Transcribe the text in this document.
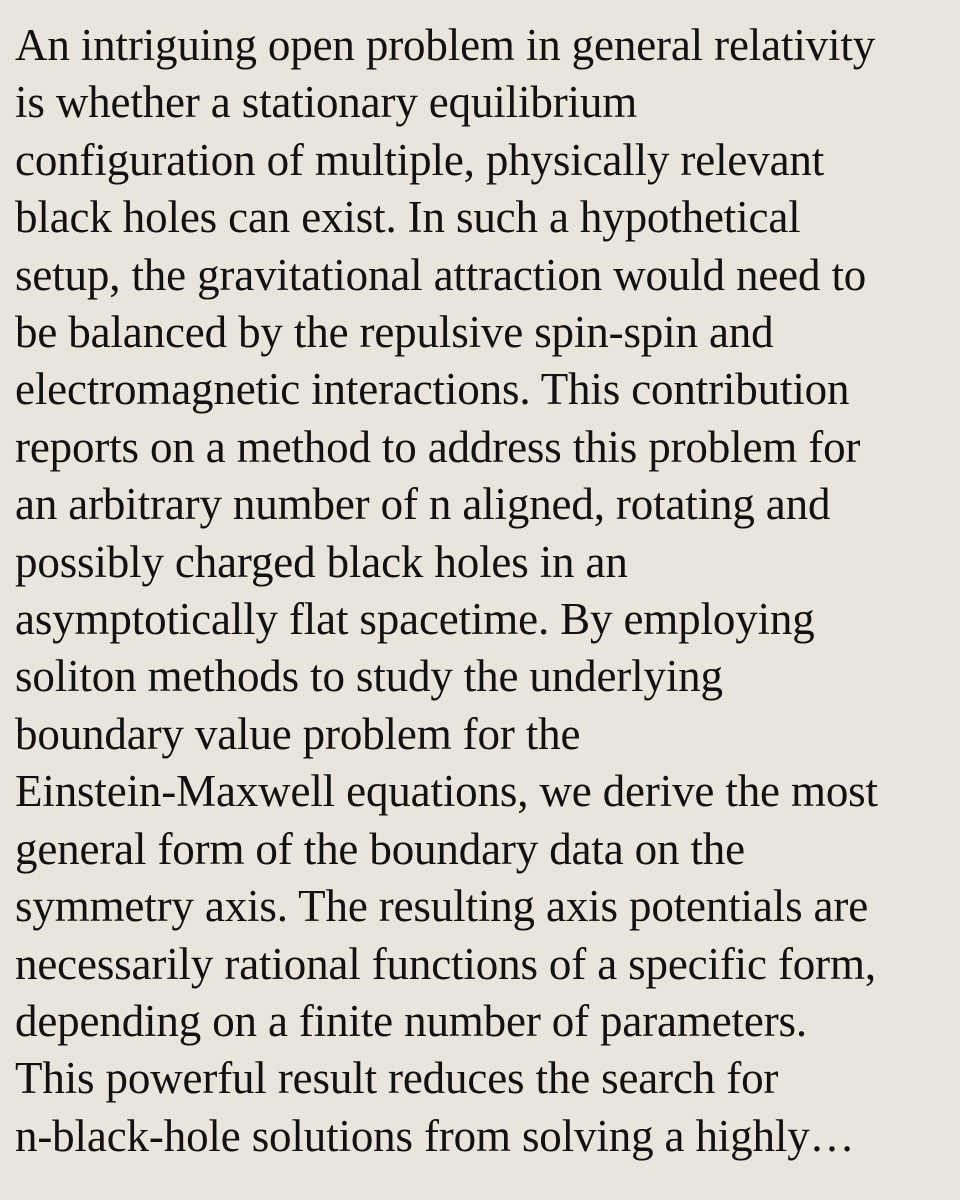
An intriguing open problem in general relativity
is whether a stationary equilibrium
configuration of multiple, physically relevant
black holes can exist. In such a hypothetical
setup, the gravitational attraction would need to
be balanced by the repulsive spin-spin and
electromagnetic interactions. This contribution
reports on a method to address this problem for
an arbitrary number of n aligned, rotating and
possibly charged black holes in an
asymptotically flat spacetime. By employing
soliton methods to study the underlying
boundary value problem for the
Einstein-Maxwell equations, we derive the most
general form of the boundary data on the
symmetry axis. The resulting axis potentials are
necessarily rational functions of a specific form,
depending on a finite number of parameters.
This powerful result reduces the search for
n-black-hole solutions from solving a highly…
